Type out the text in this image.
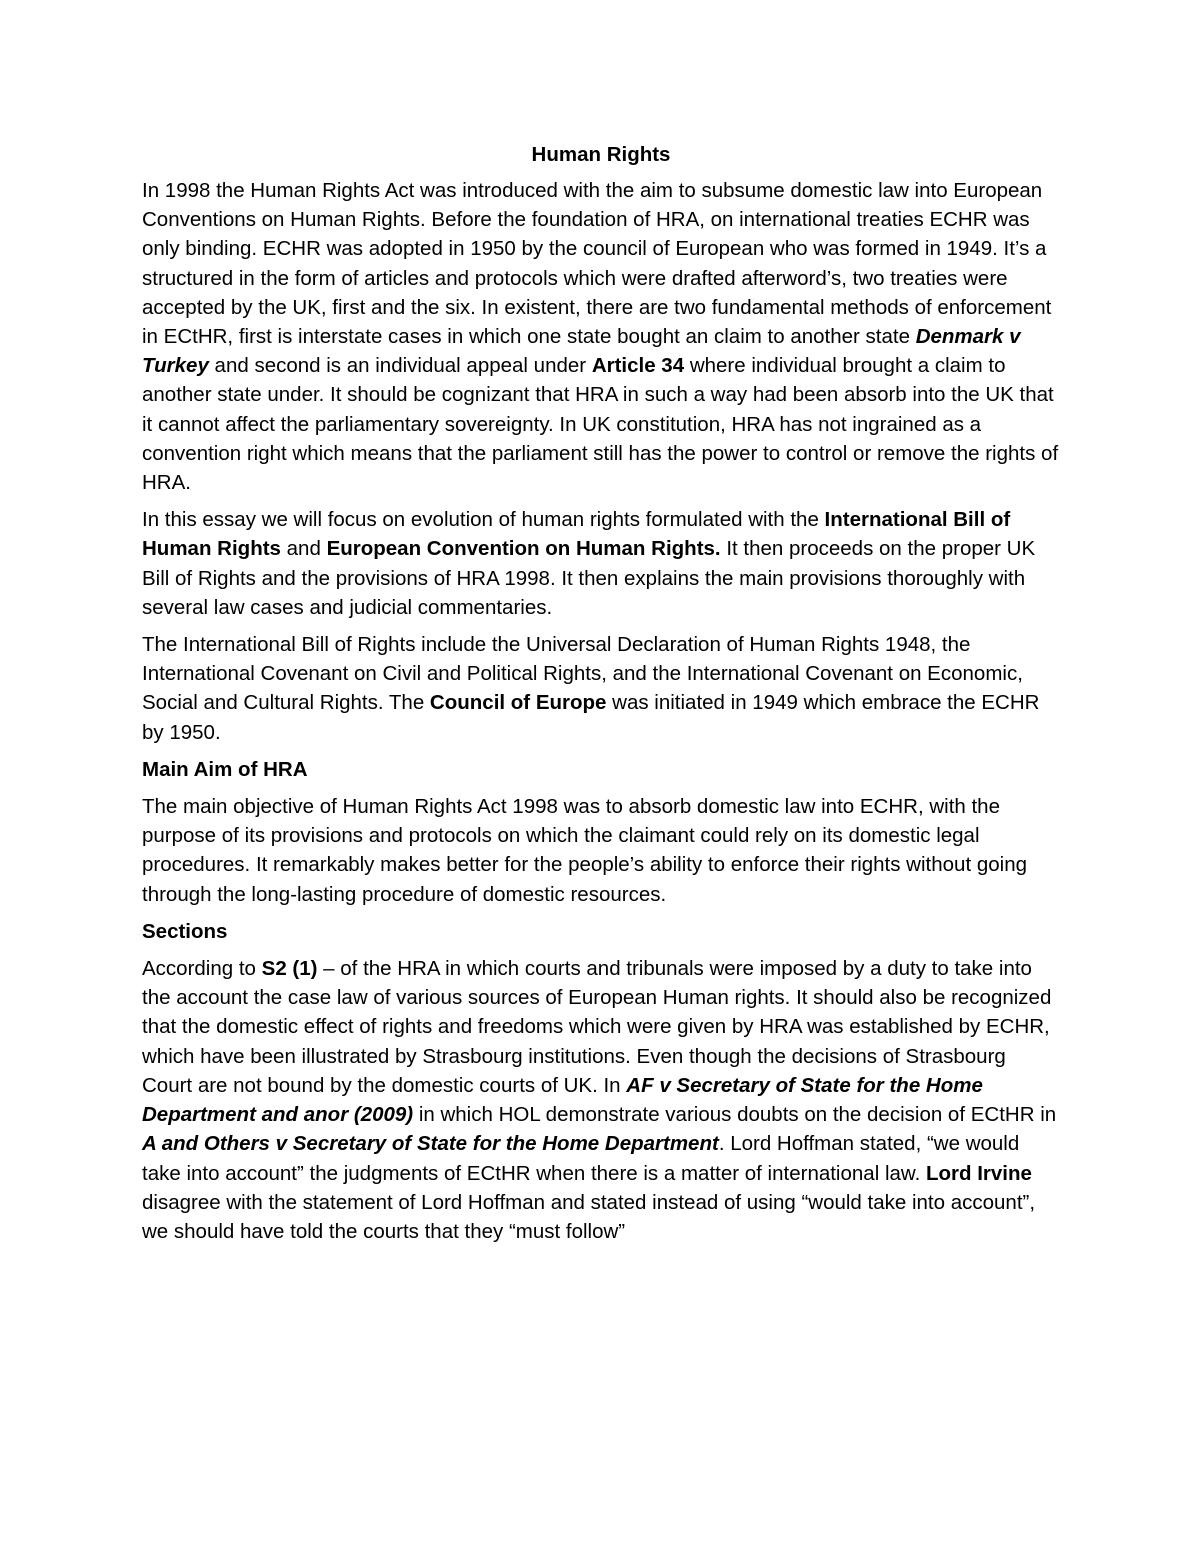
Human Rights

In 1998 the Human Rights Act was introduced with the aim to subsume domestic law into European Conventions on Human Rights. Before the foundation of HRA, on international treaties ECHR was only binding. ECHR was adopted in 1950 by the council of European who was formed in 1949. It’s a structured in the form of articles and protocols which were drafted afterword’s, two treaties were accepted by the UK, first and the six. In existent, there are two fundamental methods of enforcement in ECtHR, first is interstate cases in which one state bought an claim to another state Denmark v Turkey and second is an individual appeal under Article 34 where individual brought a claim to another state under. It should be cognizant that HRA in such a way had been absorb into the UK that it cannot affect the parliamentary sovereignty. In UK constitution, HRA has not ingrained as a convention right which means that the parliament still has the power to control or remove the rights of HRA.

In this essay we will focus on evolution of human rights formulated with the International Bill of Human Rights and European Convention on Human Rights. It then proceeds on the proper UK Bill of Rights and the provisions of HRA 1998. It then explains the main provisions thoroughly with several law cases and judicial commentaries.

The International Bill of Rights include the Universal Declaration of Human Rights 1948, the International Covenant on Civil and Political Rights, and the International Covenant on Economic, Social and Cultural Rights. The Council of Europe was initiated in 1949 which embrace the ECHR by 1950.

Main Aim of HRA

The main objective of Human Rights Act 1998 was to absorb domestic law into ECHR, with the purpose of its provisions and protocols on which the claimant could rely on its domestic legal procedures. It remarkably makes better for the people’s ability to enforce their rights without going through the long-lasting procedure of domestic resources.

Sections

According to S2 (1) – of the HRA in which courts and tribunals were imposed by a duty to take into the account the case law of various sources of European Human rights. It should also be recognized that the domestic effect of rights and freedoms which were given by HRA was established by ECHR, which have been illustrated by Strasbourg institutions. Even though the decisions of Strasbourg Court are not bound by the domestic courts of UK. In AF v Secretary of State for the Home Department and anor (2009) in which HOL demonstrate various doubts on the decision of ECtHR in A and Others v Secretary of State for the Home Department. Lord Hoffman stated, “we would take into account” the judgments of ECtHR when there is a matter of international law. Lord Irvine disagree with the statement of Lord Hoffman and stated instead of using “would take into account”, we should have told the courts that they “must follow”
